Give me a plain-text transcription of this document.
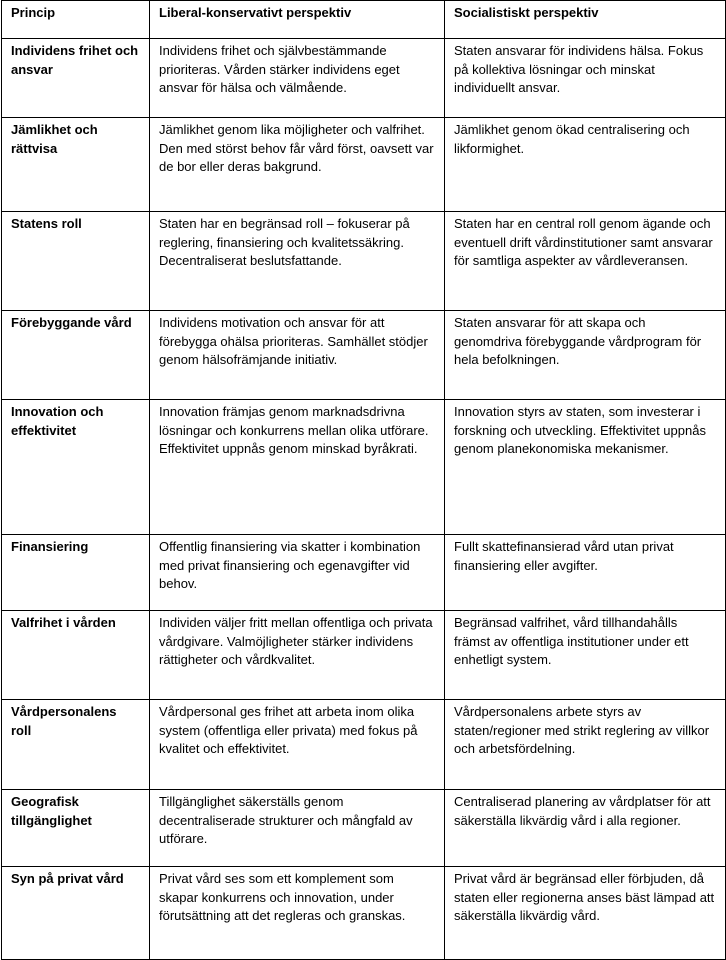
Princip	Liberal-konservativt perspektiv	Socialistiskt perspektiv
Individens frihet och ansvar	Individens frihet och självbestämmande prioriteras. Vården stärker individens eget ansvar för hälsa och välmående.	Staten ansvarar för individens hälsa. Fokus på kollektiva lösningar och minskat individuellt ansvar.
Jämlikhet och rättvisa	Jämlikhet genom lika möjligheter och valfrihet. Den med störst behov får vård först, oavsett var de bor eller deras bakgrund.	Jämlikhet genom ökad centralisering och likformighet.
Statens roll	Staten har en begränsad roll – fokuserar på reglering, finansiering och kvalitetssäkring. Decentraliserat beslutsfattande.	Staten har en central roll genom ägande och eventuell drift vårdinstitutioner samt ansvarar för samtliga aspekter av vårdleveransen.
Förebyggande vård	Individens motivation och ansvar för att förebygga ohälsa prioriteras. Samhället stödjer genom hälsofrämjande initiativ.	Staten ansvarar för att skapa och genomdriva förebyggande vårdprogram för hela befolkningen.
Innovation och effektivitet	Innovation främjas genom marknadsdrivna lösningar och konkurrens mellan olika utförare. Effektivitet uppnås genom minskad byråkrati.	Innovation styrs av staten, som investerar i forskning och utveckling. Effektivitet uppnås genom planekonomiska mekanismer.
Finansiering	Offentlig finansiering via skatter i kombination med privat finansiering och egenavgifter vid behov.	Fullt skattefinansierad vård utan privat finansiering eller avgifter.
Valfrihet i vården	Individen väljer fritt mellan offentliga och privata vårdgivare. Valmöjligheter stärker individens rättigheter och vårdkvalitet.	Begränsad valfrihet, vård tillhandahålls främst av offentliga institutioner under ett enhetligt system.
Vårdpersonalens roll	Vårdpersonal ges frihet att arbeta inom olika system (offentliga eller privata) med fokus på kvalitet och effektivitet.	Vårdpersonalens arbete styrs av staten/regioner med strikt reglering av villkor och arbetsfördelning.
Geografisk tillgänglighet	Tillgänglighet säkerställs genom decentraliserade strukturer och mångfald av utförare.	Centraliserad planering av vårdplatser för att säkerställa likvärdig vård i alla regioner.
Syn på privat vård	Privat vård ses som ett komplement som skapar konkurrens och innovation, under förutsättning att det regleras och granskas.	Privat vård är begränsad eller förbjuden, då staten eller regionerna anses bäst lämpad att säkerställa likvärdig vård.
